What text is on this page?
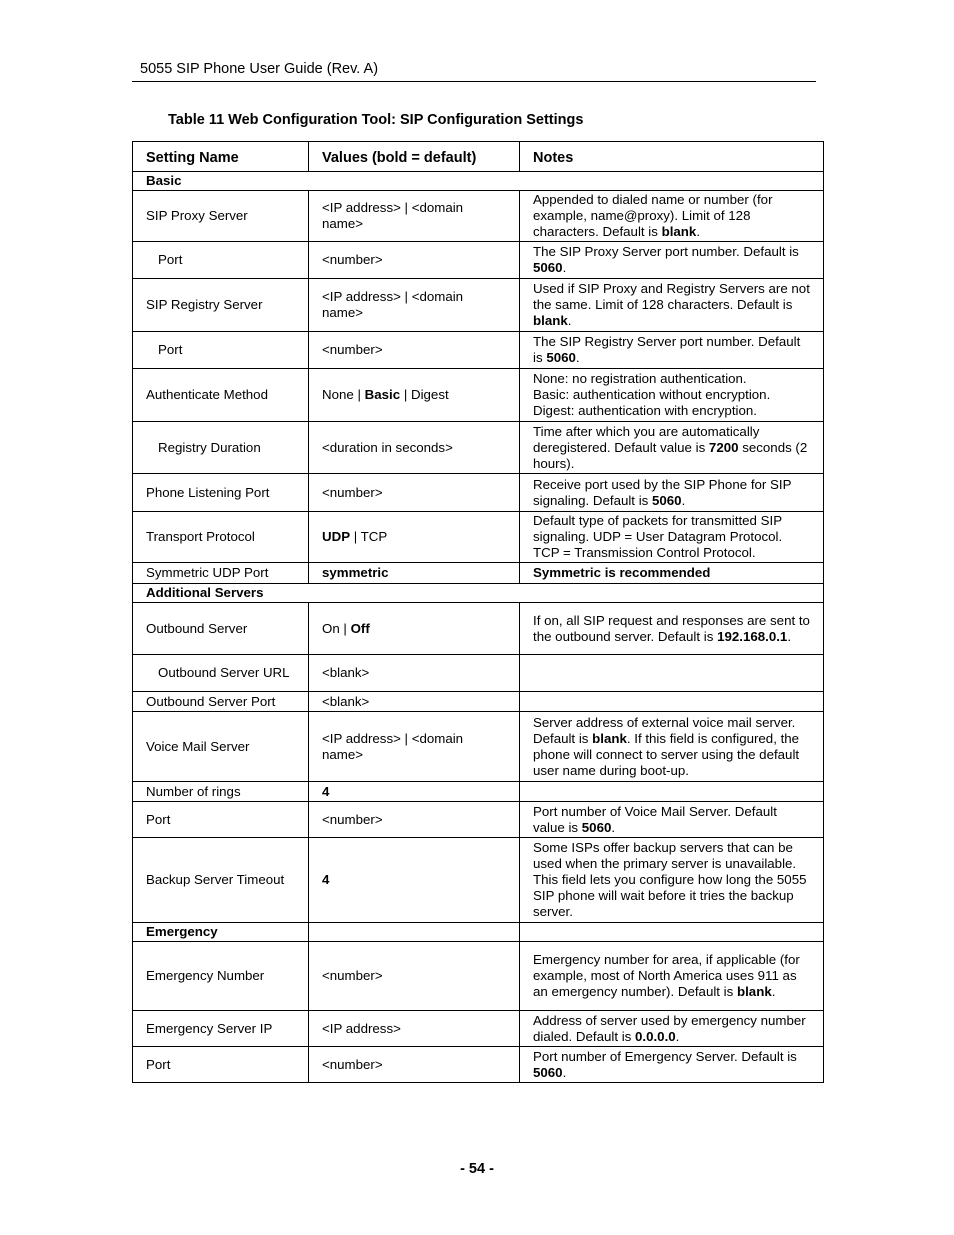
5055 SIP Phone User Guide (Rev. A)
Table 11 Web Configuration Tool: SIP Configuration Settings
Setting Name	Values (bold = default)	Notes
Basic		
SIP Proxy Server	<IP address> | <domain name>	Appended to dialed name or number (for example, name@proxy). Limit of 128 characters. Default is blank.
Port	<number>	The SIP Proxy Server port number. Default is 5060.
SIP Registry Server	<IP address> | <domain name>	Used if SIP Proxy and Registry Servers are not the same. Limit of 128 characters. Default is blank.
Port	<number>	The SIP Registry Server port number. Default is 5060.
Authenticate Method	None | Basic | Digest	None: no registration authentication.
Basic: authentication without encryption.
Digest: authentication with encryption.
Registry Duration	<duration in seconds>	Time after which you are automatically deregistered. Default value is 7200 seconds (2 hours).
Phone Listening Port	<number>	Receive port used by the SIP Phone for SIP signaling. Default is 5060.
Transport Protocol	UDP | TCP	Default type of packets for transmitted SIP signaling. UDP = User Datagram Protocol. TCP = Transmission Control Protocol.
Symmetric UDP Port	symmetric	Symmetric is recommended
Additional Servers		
Outbound Server	On | Off	If on, all SIP request and responses are sent to the outbound server. Default is 192.168.0.1.
Outbound Server URL	<blank>	
Outbound Server Port	<blank>	
Voice Mail Server	<IP address> | <domain name>	Server address of external voice mail server. Default is blank. If this field is configured, the phone will connect to server using the default user name during boot-up.
Number of rings	4	
Port	<number>	Port number of Voice Mail Server. Default value is 5060.
Backup Server Timeout	4	Some ISPs offer backup servers that can be used when the primary server is unavailable. This field lets you configure how long the 5055 SIP phone will wait before it tries the backup server.
Emergency		
Emergency Number	<number>	Emergency number for area, if applicable (for example, most of North America uses 911 as an emergency number). Default is blank.
Emergency Server IP	<IP address>	Address of server used by emergency number dialed. Default is 0.0.0.0.
Port	<number>	Port number of Emergency Server. Default is 5060.
- 54 -
